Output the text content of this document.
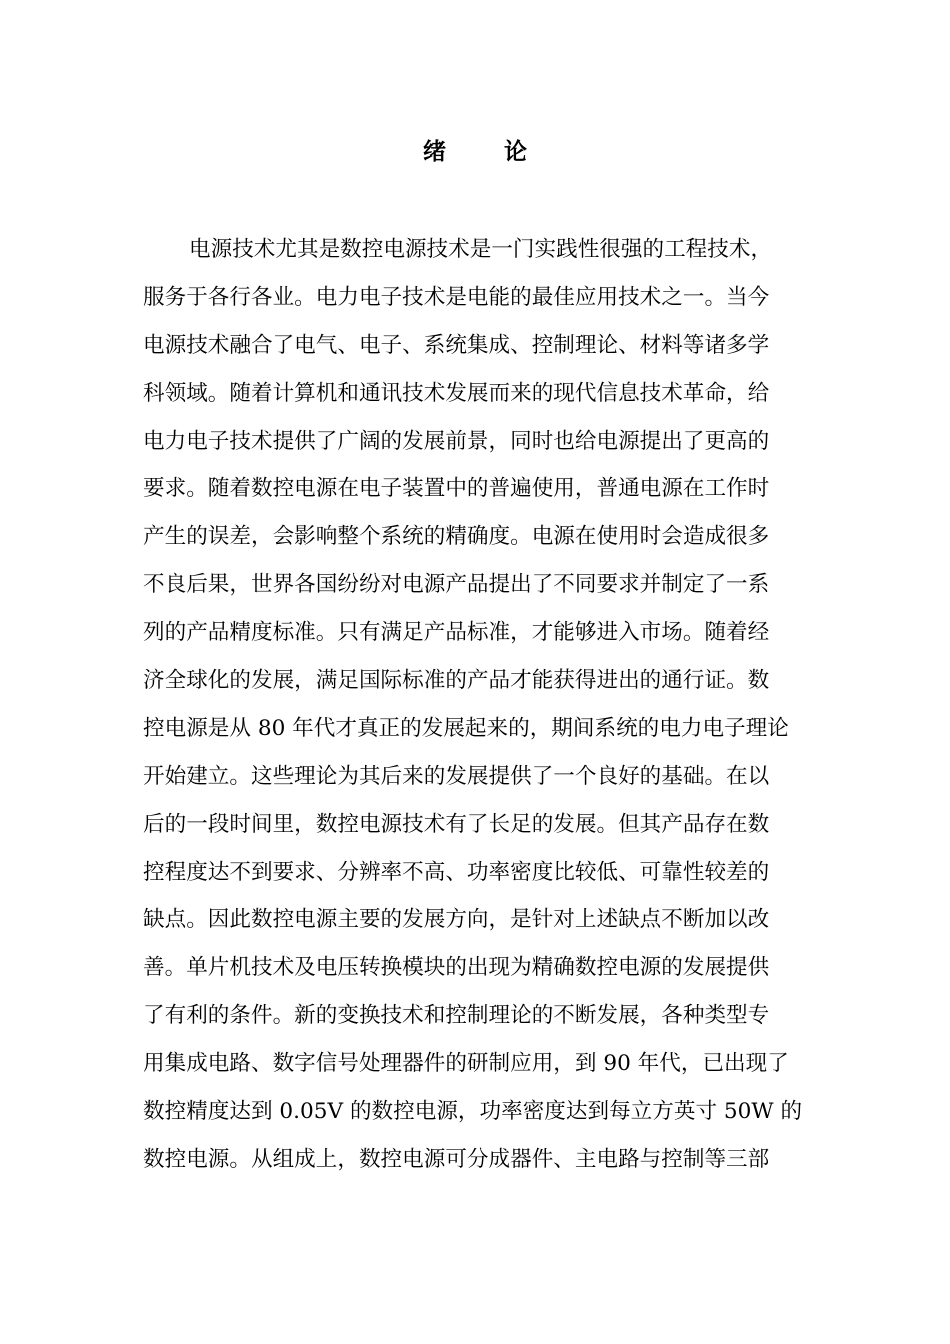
绪论
电源技术尤其是数控电源技术是一门实践性很强的工程技术，
服务于各行各业。电力电子技术是电能的最佳应用技术之一。当今
电源技术融合了电气、电子、系统集成、控制理论、材料等诸多学
科领域。随着计算机和通讯技术发展而来的现代信息技术革命，给
电力电子技术提供了广阔的发展前景，同时也给电源提出了更高的
要求。随着数控电源在电子装置中的普遍使用，普通电源在工作时
产生的误差，会影响整个系统的精确度。电源在使用时会造成很多
不良后果，世界各国纷纷对电源产品提出了不同要求并制定了一系
列的产品精度标准。只有满足产品标准，才能够进入市场。随着经
济全球化的发展，满足国际标准的产品才能获得进出的通行证。数
控电源是从 80 年代才真正的发展起来的，期间系统的电力电子理论
开始建立。这些理论为其后来的发展提供了一个良好的基础。在以
后的一段时间里，数控电源技术有了长足的发展。但其产品存在数
控程度达不到要求、分辨率不高、功率密度比较低、可靠性较差的
缺点。因此数控电源主要的发展方向，是针对上述缺点不断加以改
善。单片机技术及电压转换模块的出现为精确数控电源的发展提供
了有利的条件。新的变换技术和控制理论的不断发展，各种类型专
用集成电路、数字信号处理器件的研制应用，到 90 年代，已出现了
数控精度达到 0.05V 的数控电源，功率密度达到每立方英寸 50W 的
数控电源。从组成上，数控电源可分成器件、主电路与控制等三部
